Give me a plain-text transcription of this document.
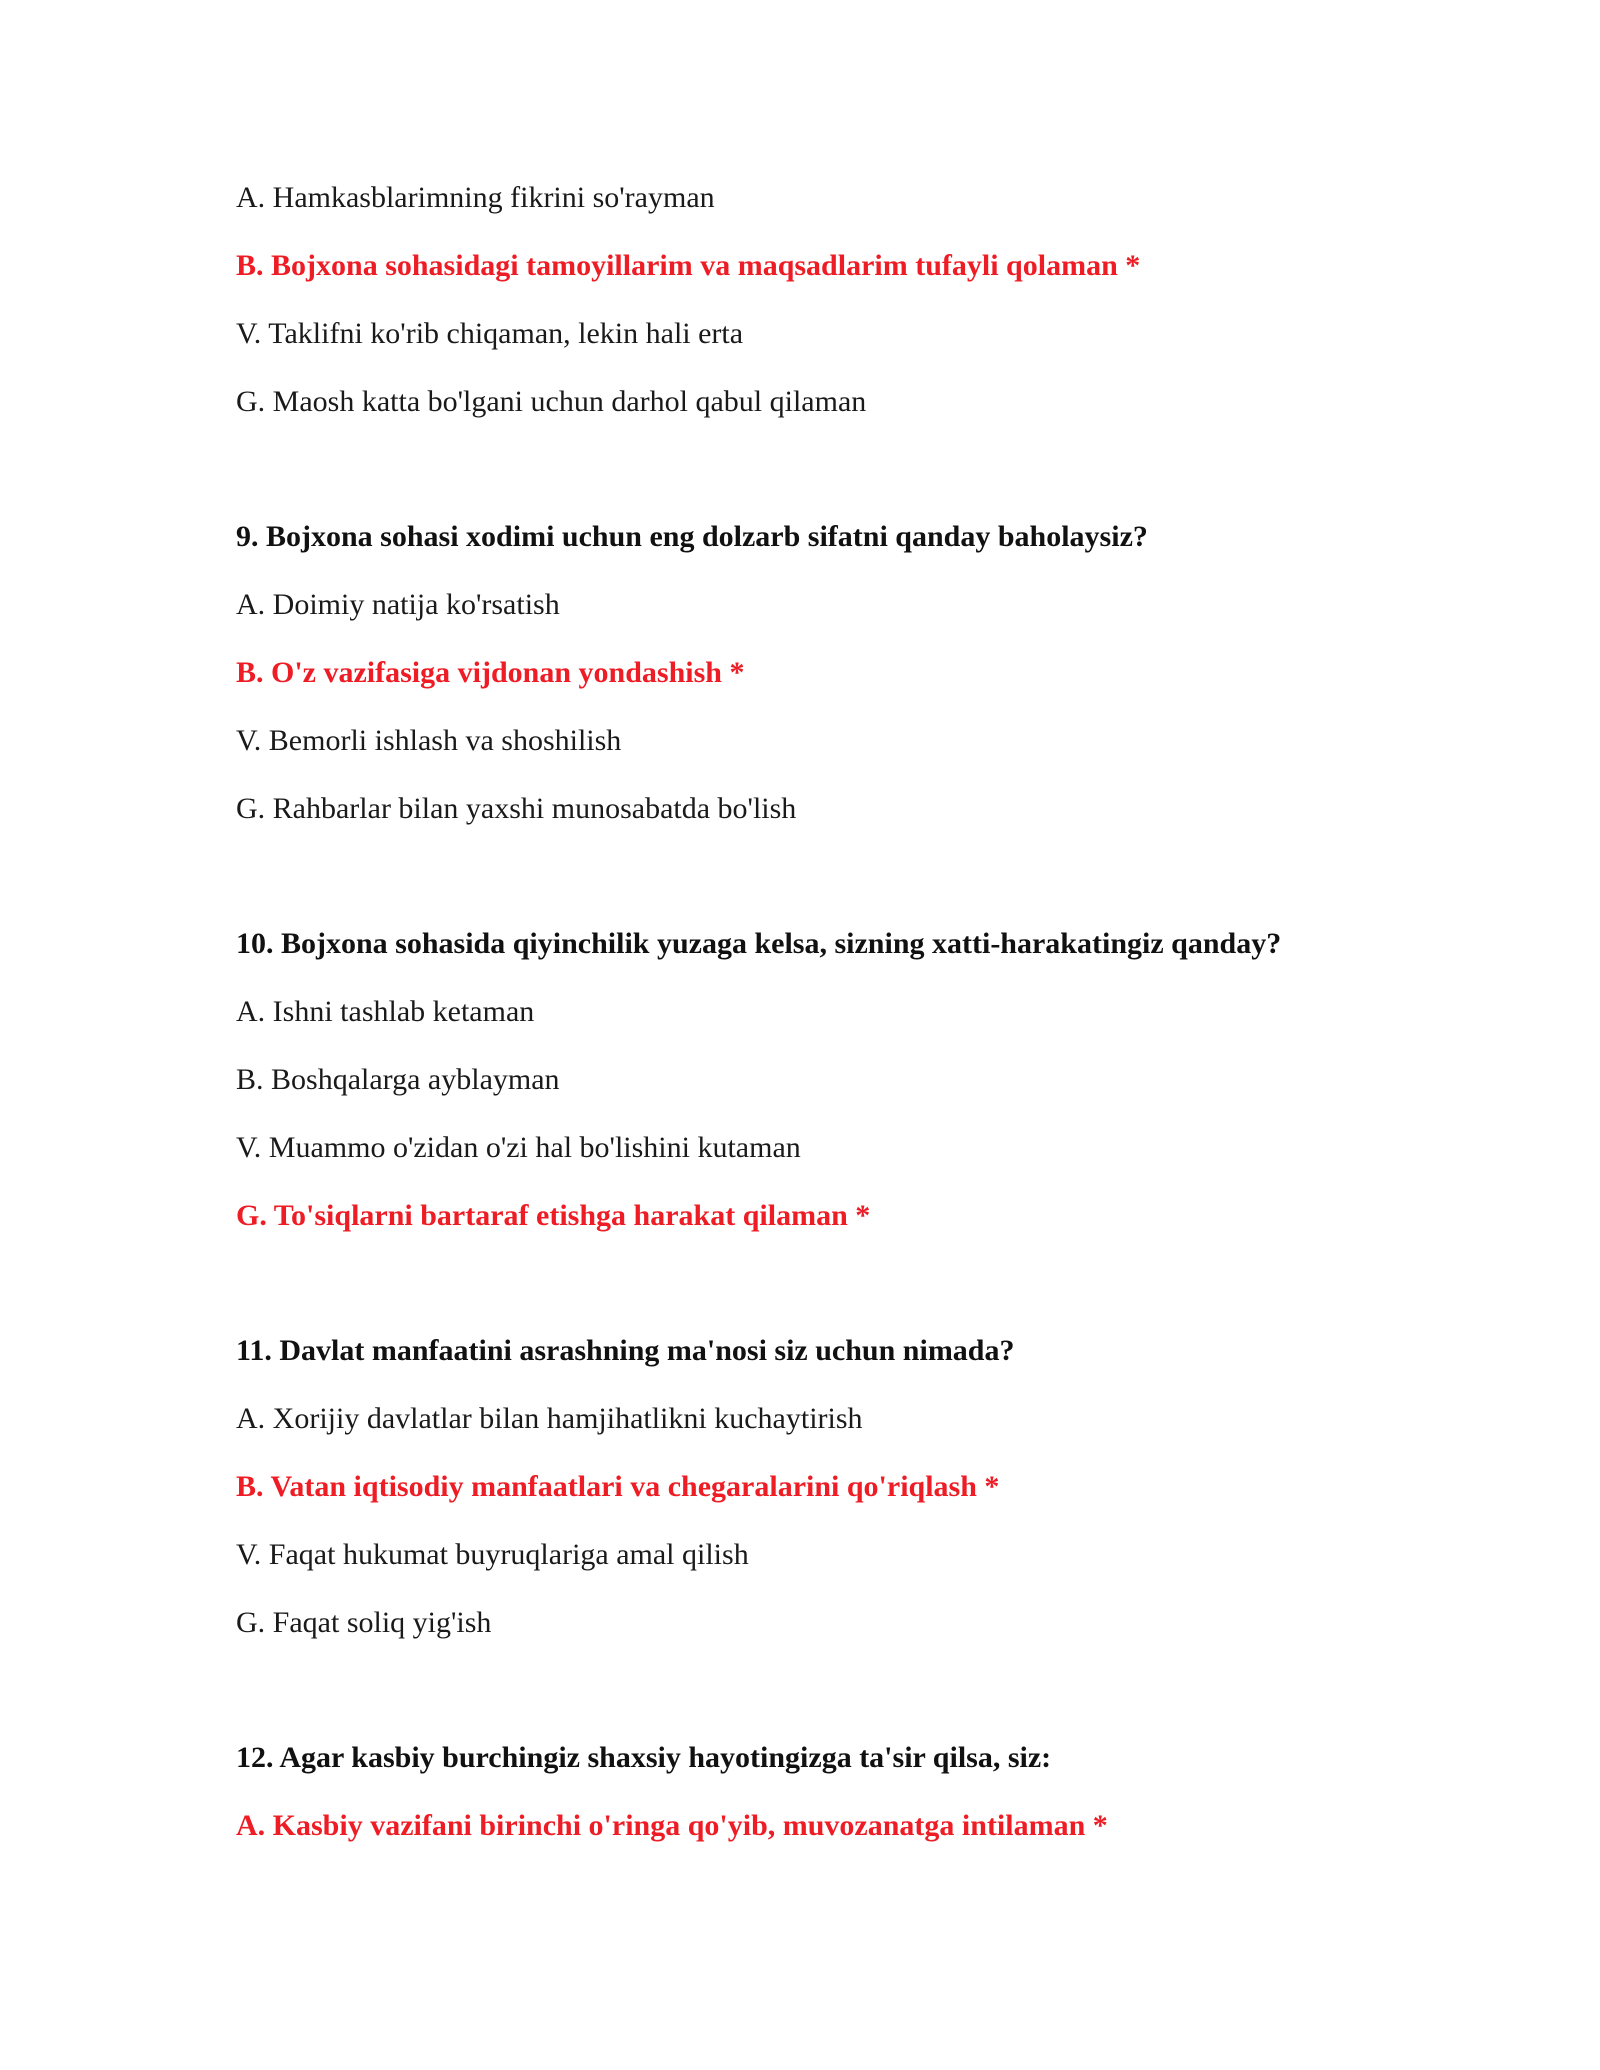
A. Hamkasblarimning fikrini so'rayman
B. Bojxona sohasidagi tamoyillarim va maqsadlarim tufayli qolaman *
V. Taklifni ko'rib chiqaman, lekin hali erta
G. Maosh katta bo'lgani uchun darhol qabul qilaman
9. Bojxona sohasi xodimi uchun eng dolzarb sifatni qanday baholaysiz?
A. Doimiy natija ko'rsatish
B. O'z vazifasiga vijdonan yondashish *
V. Bemorli ishlash va shoshilish
G. Rahbarlar bilan yaxshi munosabatda bo'lish
10. Bojxona sohasida qiyinchilik yuzaga kelsa, sizning xatti-harakatingiz qanday?
A. Ishni tashlab ketaman
B. Boshqalarga ayblayman
V. Muammo o'zidan o'zi hal bo'lishini kutaman
G. To'siqlarni bartaraf etishga harakat qilaman *
11. Davlat manfaatini asrashning ma'nosi siz uchun nimada?
A. Xorijiy davlatlar bilan hamjihatlikni kuchaytirish
B. Vatan iqtisodiy manfaatlari va chegaralarini qo'riqlash *
V. Faqat hukumat buyruqlariga amal qilish
G. Faqat soliq yig'ish
12. Agar kasbiy burchingiz shaxsiy hayotingizga ta'sir qilsa, siz:
A. Kasbiy vazifani birinchi o'ringa qo'yib, muvozanatga intilaman *
